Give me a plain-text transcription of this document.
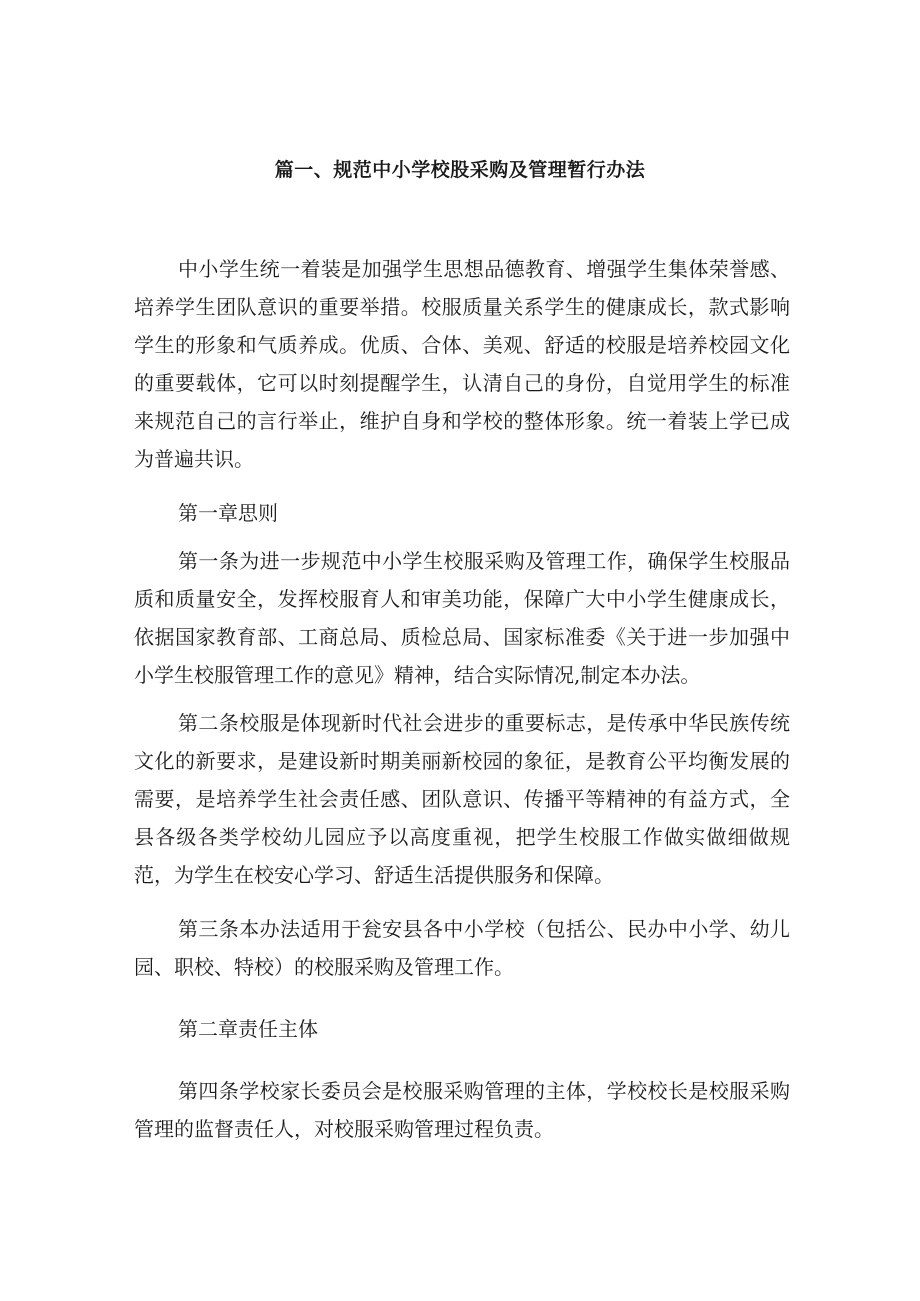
篇一、规范中小学校股采购及管理暂行办法

中小学生统一着装是加强学生思想品德教育、增强学生集体荣誉感、培养学生团队意识的重要举措。校服质量关系学生的健康成长，款式影响学生的形象和气质养成。优质、合体、美观、舒适的校服是培养校园文化的重要载体，它可以时刻提醒学生，认清自己的身份，自觉用学生的标准来规范自己的言行举止，维护自身和学校的整体形象。统一着装上学已成为普遍共识。

第一章思则

第一条为进一步规范中小学生校服采购及管理工作，确保学生校服品质和质量安全，发挥校服育人和审美功能，保障广大中小学生健康成长，依据国家教育部、工商总局、质检总局、国家标准委《关于进一步加强中小学生校服管理工作的意见》精神，结合实际情况,制定本办法。

第二条校服是体现新时代社会进步的重要标志，是传承中华民族传统文化的新要求，是建设新时期美丽新校园的象征，是教育公平均衡发展的需要，是培养学生社会责任感、团队意识、传播平等精神的有益方式，全县各级各类学校幼儿园应予以高度重视，把学生校服工作做实做细做规范，为学生在校安心学习、舒适生活提供服务和保障。

第三条本办法适用于瓮安县各中小学校（包括公、民办中小学、幼儿园、职校、特校）的校服采购及管理工作。

第二章责任主体

第四条学校家长委员会是校服采购管理的主体，学校校长是校服采购管理的监督责任人，对校服采购管理过程负责。
